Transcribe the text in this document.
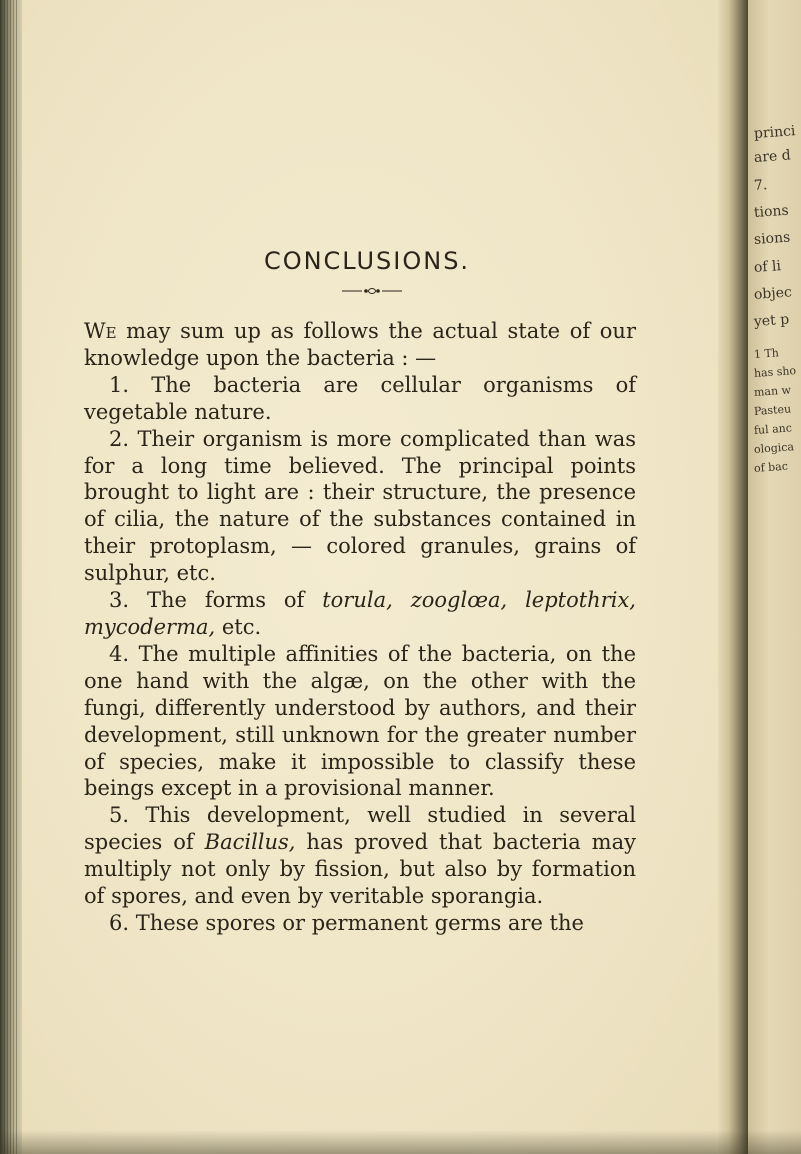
CONCLUSIONS.

We may sum up as follows the actual state of our knowledge upon the bacteria : —

1. The bacteria are cellular organisms of vegetable nature.

2. Their organism is more complicated than was for a long time believed. The principal points brought to light are : their structure, the presence of cilia, the nature of the substances contained in their protoplasm, — colored granules, grains of sulphur, etc.

3. The forms of torula, zooglœa, leptothrix, mycoderma, etc.

4. The multiple affinities of the bacteria, on the one hand with the algæ, on the other with the fungi, differently understood by authors, and their development, still unknown for the greater number of species, make it impossible to classify these beings except in a provisional manner.

5. This development, well studied in several species of Bacillus, has proved that bacteria may multiply not only by fission, but also by formation of spores, and even by veritable sporangia.

6. These spores or permanent germs are the

princi
are d
7.
tions
sions
of li
objec
yet p
1 Th
has sho
man w
Pasteu
ful anc
ologica
of bac
